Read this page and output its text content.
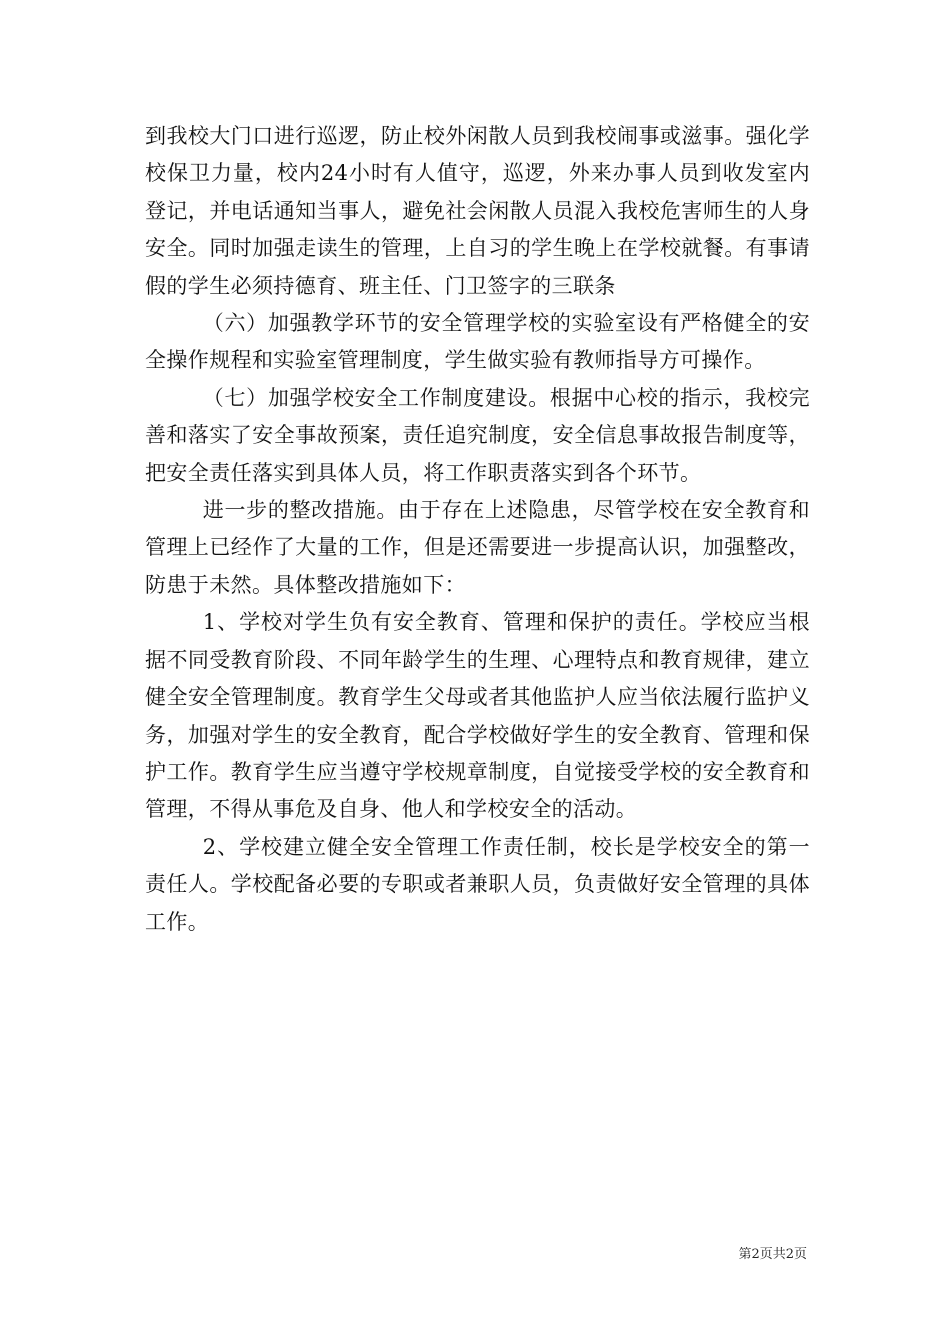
到我校大门口进行巡逻，防止校外闲散人员到我校闹事或滋事。强化学校保卫力量，校内24小时有人值守，巡逻，外来办事人员到收发室内登记，并电话通知当事人，避免社会闲散人员混入我校危害师生的人身安全。同时加强走读生的管理，上自习的学生晚上在学校就餐。有事请假的学生必须持德育、班主任、门卫签字的三联条

（六）加强教学环节的安全管理学校的实验室设有严格健全的安全操作规程和实验室管理制度，学生做实验有教师指导方可操作。

（七）加强学校安全工作制度建设。根据中心校的指示，我校完善和落实了安全事故预案，责任追究制度，安全信息事故报告制度等，把安全责任落实到具体人员，将工作职责落实到各个环节。

进一步的整改措施。由于存在上述隐患，尽管学校在安全教育和管理上已经作了大量的工作，但是还需要进一步提高认识，加强整改，防患于未然。具体整改措施如下：

1、学校对学生负有安全教育、管理和保护的责任。学校应当根据不同受教育阶段、不同年龄学生的生理、心理特点和教育规律，建立健全安全管理制度。教育学生父母或者其他监护人应当依法履行监护义务，加强对学生的安全教育，配合学校做好学生的安全教育、管理和保护工作。教育学生应当遵守学校规章制度，自觉接受学校的安全教育和管理，不得从事危及自身、他人和学校安全的活动。

2、学校建立健全安全管理工作责任制，校长是学校安全的第一责任人。学校配备必要的专职或者兼职人员，负责做好安全管理的具体工作。

第2页共2页
